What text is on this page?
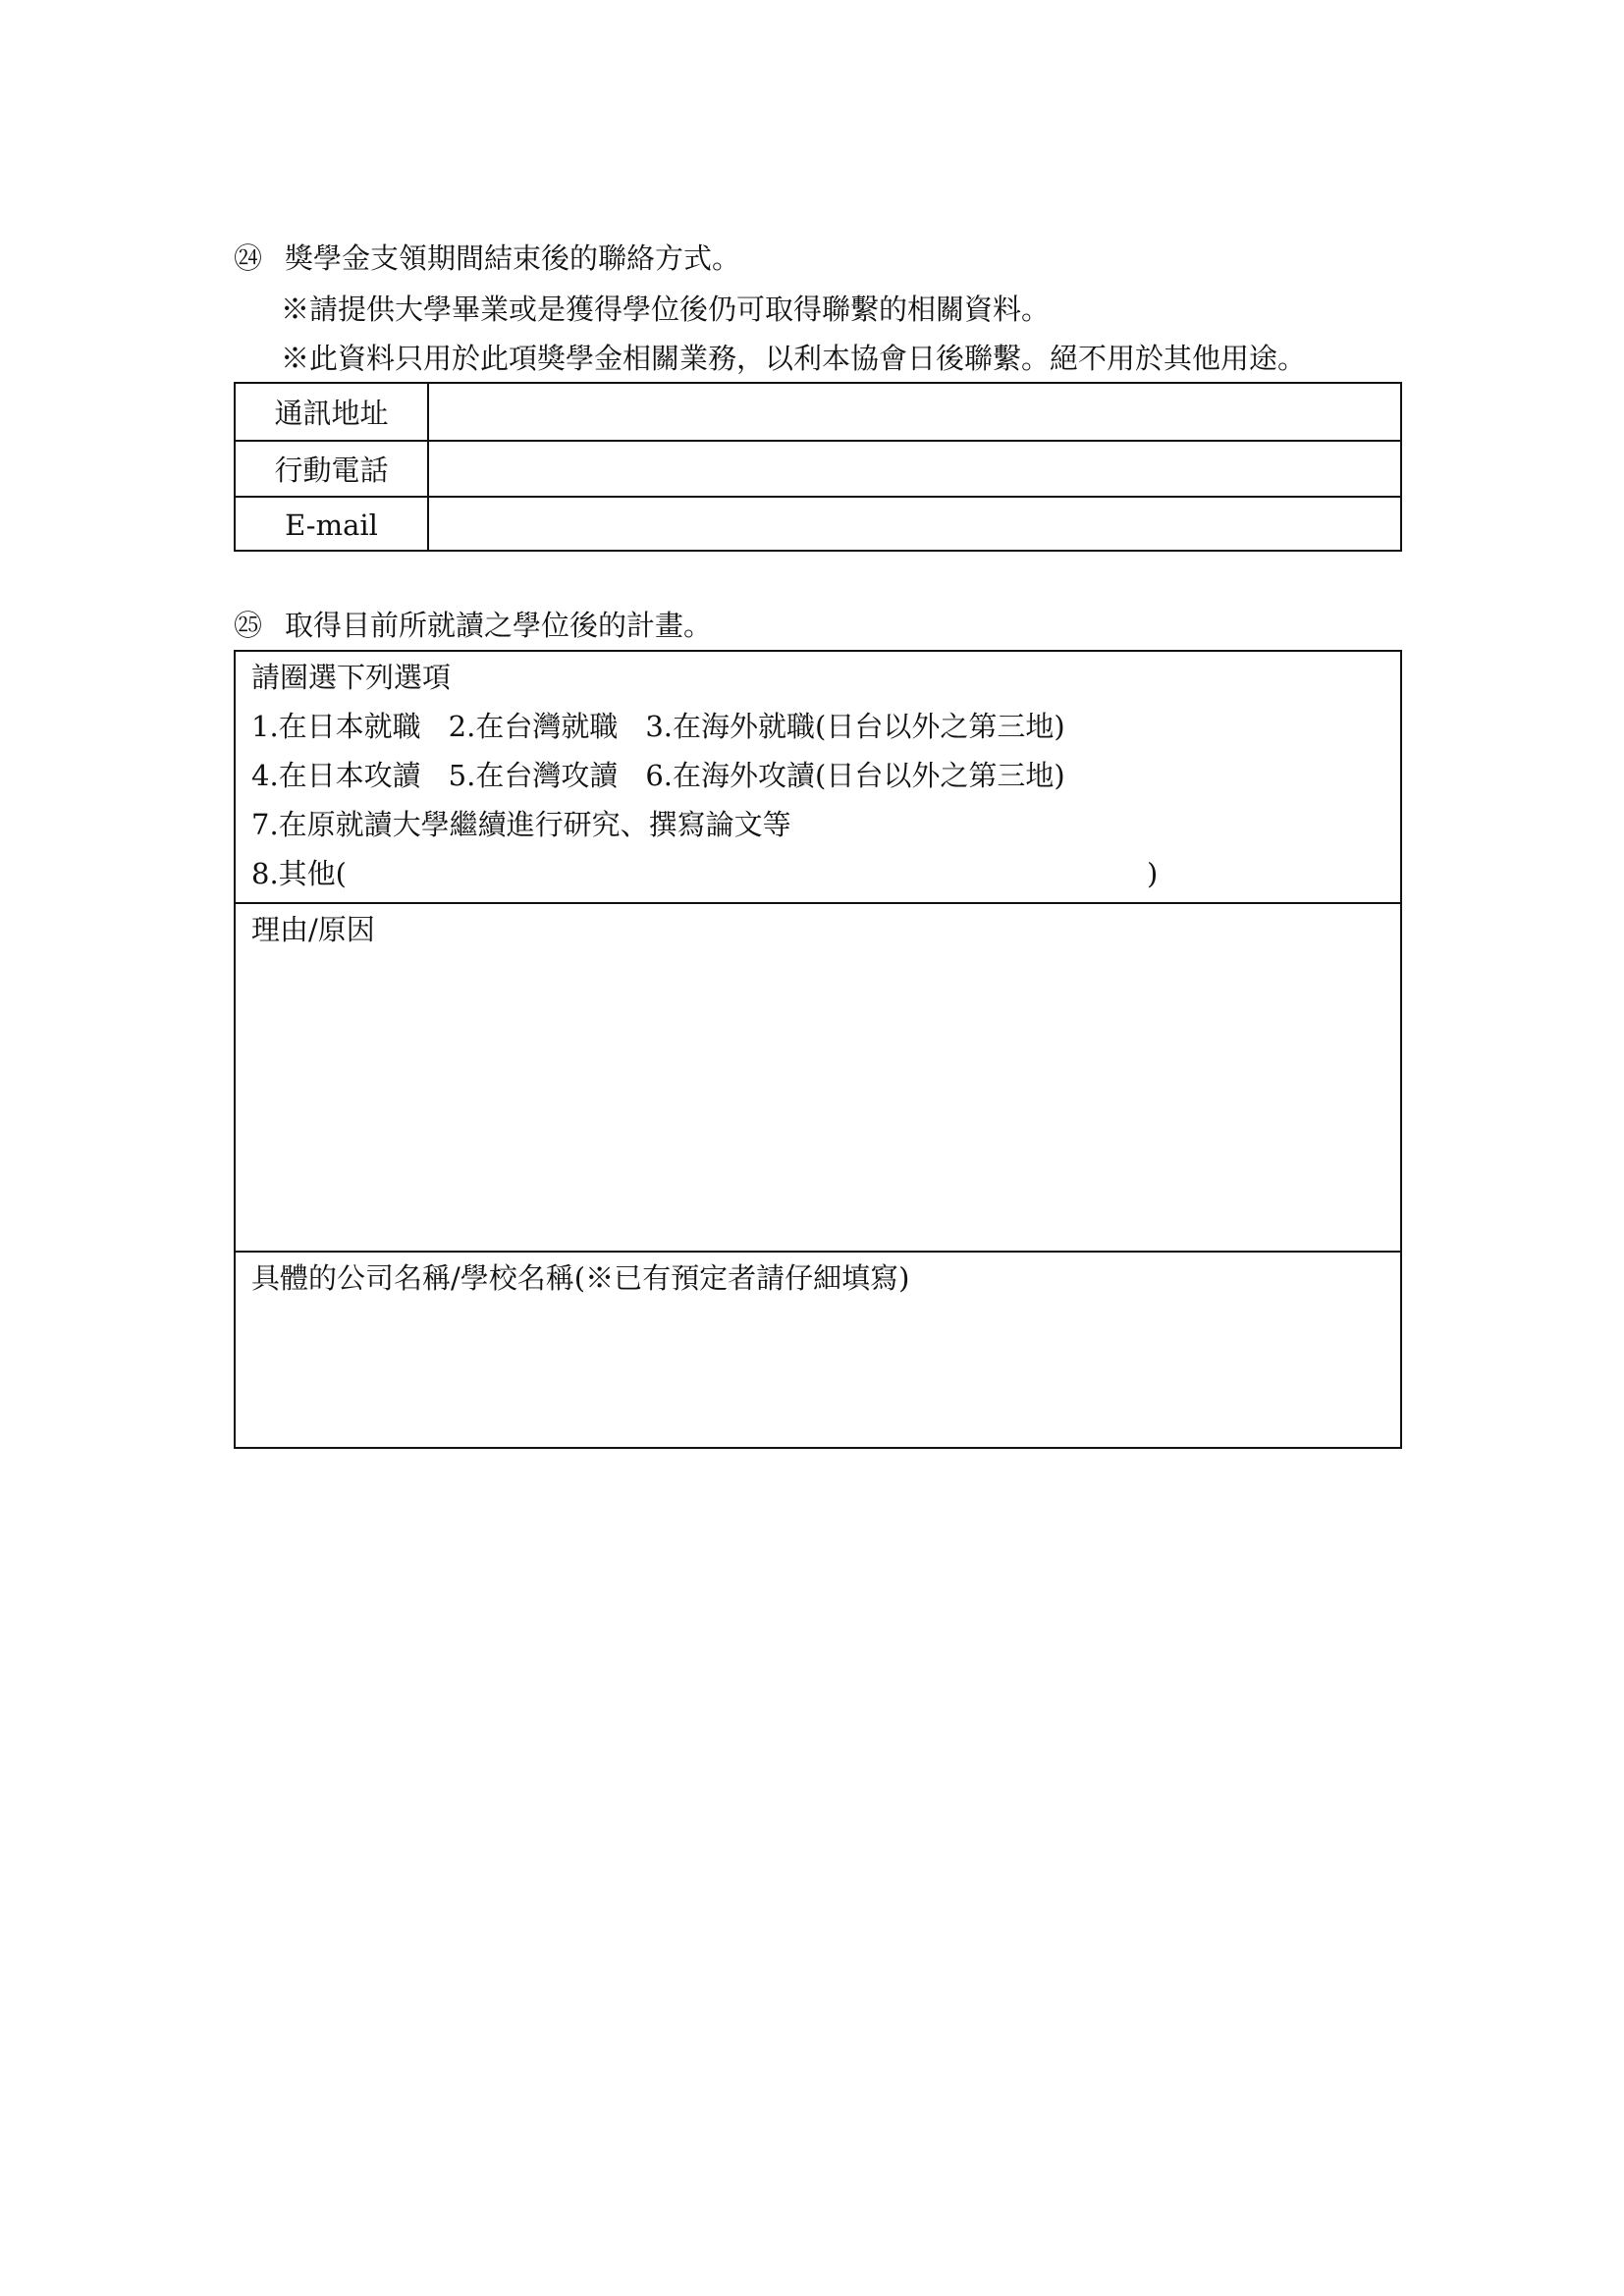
㉔ 獎學金支領期間結束後的聯絡方式。
※請提供大學畢業或是獲得學位後仍可取得聯繫的相關資料。
※此資料只用於此項獎學金相關業務，以利本協會日後聯繫。絕不用於其他用途。
通訊地址
行動電話
E-mail
㉕ 取得目前所就讀之學位後的計畫。
請圈選下列選項
1.在日本就職 2.在台灣就職 3.在海外就職(日台以外之第三地)
4.在日本攻讀 5.在台灣攻讀 6.在海外攻讀(日台以外之第三地)
7.在原就讀大學繼續進行研究、撰寫論文等
8.其他(	)
理由/原因
具體的公司名稱/學校名稱(※已有預定者請仔細填寫)
